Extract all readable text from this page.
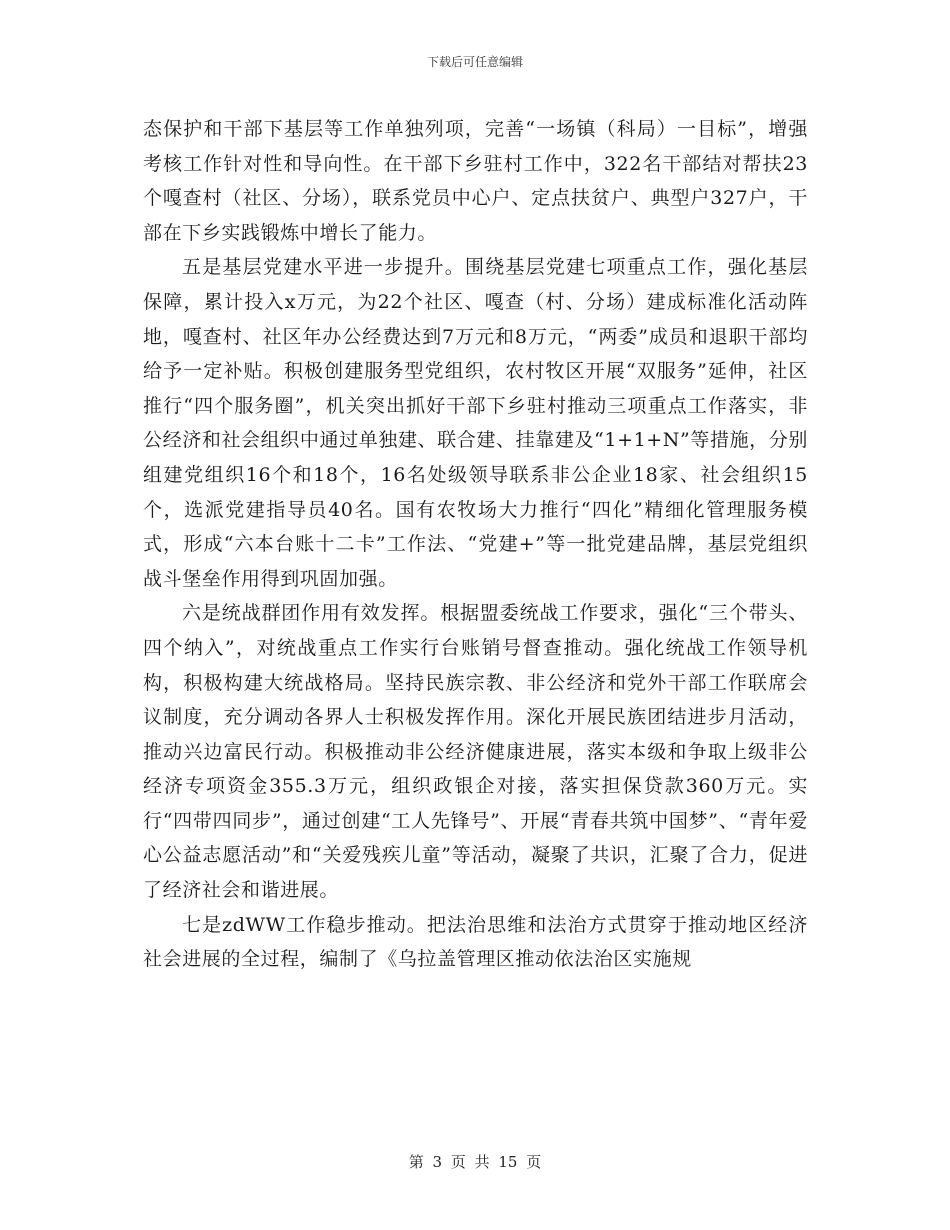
下载后可任意编辑

态保护和干部下基层等工作单独列项，完善“一场镇（科局）一目标”，增强考核工作针对性和导向性。在干部下乡驻村工作中，322名干部结对帮扶23个嘎查村（社区、分场），联系党员中心户、定点扶贫户、典型户327户，干部在下乡实践锻炼中增长了能力。

五是基层党建水平进一步提升。围绕基层党建七项重点工作，强化基层保障，累计投入x万元，为22个社区、嘎查（村、分场）建成标准化活动阵地，嘎查村、社区年办公经费达到7万元和8万元，“两委”成员和退职干部均给予一定补贴。积极创建服务型党组织，农村牧区开展“双服务”延伸，社区推行“四个服务圈”，机关突出抓好干部下乡驻村推动三项重点工作落实，非公经济和社会组织中通过单独建、联合建、挂靠建及“1+1+N”等措施，分别组建党组织16个和18个，16名处级领导联系非公企业18家、社会组织15个，选派党建指导员40名。国有农牧场大力推行“四化”精细化管理服务模式，形成“六本台账十二卡”工作法、“党建+”等一批党建品牌，基层党组织战斗堡垒作用得到巩固加强。

六是统战群团作用有效发挥。根据盟委统战工作要求，强化“三个带头、四个纳入”，对统战重点工作实行台账销号督查推动。强化统战工作领导机构，积极构建大统战格局。坚持民族宗教、非公经济和党外干部工作联席会议制度，充分调动各界人士积极发挥作用。深化开展民族团结进步月活动，推动兴边富民行动。积极推动非公经济健康进展，落实本级和争取上级非公经济专项资金355.3万元，组织政银企对接，落实担保贷款360万元。实行“四带四同步”，通过创建“工人先锋号”、开展“青春共筑中国梦”、“青年爱心公益志愿活动”和“关爱残疾儿童”等活动，凝聚了共识，汇聚了合力，促进了经济社会和谐进展。

七是zdWW工作稳步推动。把法治思维和法治方式贯穿于推动地区经济社会进展的全过程，编制了《乌拉盖管理区推动依法治区实施规

第 3 页 共 15 页
